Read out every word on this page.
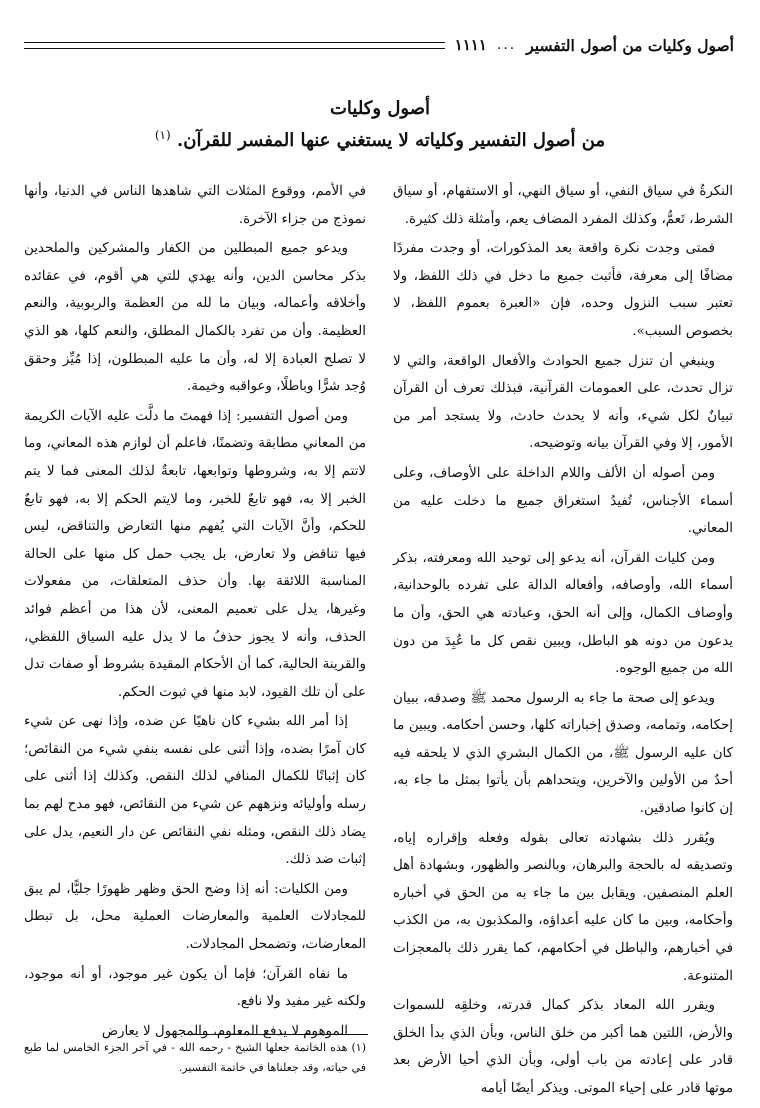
أصول وكليات من أصول التفسير
...
١١١١
أصول وكليات
من أصول التفسير وكلياته لا يستغني عنها المفسر للقرآن. $^{(١)}$

النكرةُ في سياق النفي، أو سياق النهي، أو الاستفهام، أو سياق الشرط، تَعمُّ، وكذلك المفرد المضاف يعم، وأمثلة ذلك كثيرة.

فمتى وجدت نكرة واقعة بعد المذكورات، أو وجدت مفردًا مضافًا إلى معرفة، فأثبت جميع ما دخل في ذلك اللفظ، ولا تعتبر سبب النزول وحده، فإن «العبرة بعموم اللفظ، لا بخصوص السبب».

وينبغي أن تنزل جميع الحوادث والأفعال الواقعة، والتي لا تزال تحدث، على العمومات القرآنية، فبذلك تعرف أن القرآن تبيانٌ لكل شيء، وأنه لا يحدث حادث، ولا يستجد أمر من الأمور، إلا وفي القرآن بيانه وتوضيحه.

ومن أصوله أن الألف واللام الداخلة على الأوصاف، وعلى أسماء الأجناس، تُفيدُ استغراق جميع ما دخلت عليه من المعاني.

ومن كليات القرآن، أنه يدعو إلى توحيد الله ومعرفته، بذكر أسماء الله، وأوصافه، وأفعاله الدالة على تفرده بالوحدانية، وأوصاف الكمال، وإلى أنه الحق، وعبادته هي الحق، وأن ما يدعون من دونه هو الباطل، ويبين نقص كل ما عُبِدَ من دون الله من جميع الوجوه.

ويدعو إلى صحة ما جاء به الرسول محمد ﷺ وصدقه، ببيان إحكامه، وتمامه، وصدق إخباراته كلها، وحسن أحكامه. ويبين ما كان عليه الرسول ﷺ، من الكمال البشري الذي لا يلحقه فيه أحدٌ من الأولين والآخرين، ويتحداهم بأن يأتوا بمثل ما جاء به، إن كانوا صادقين.

ويُقرر ذلك بشهادته تعالى بقوله وفعله وإقراره إياه، وتصديقه له بالحجة والبرهان، وبالنصر والظهور، وبشهادة أهل العلم المنصفين. ويقابل بين ما جاء به من الحق في أخباره وأحكامه، وبين ما كان عليه أعداؤه، والمكذبون به، من الكذب في أخبارهم، والباطل في أحكامهم، كما يقرر ذلك بالمعجزات المتنوعة.

ويقرر الله المعاد بذكر كمال قدرته، وخلقِه للسموات والأرض، اللتين هما أكبر من خلق الناس، وبأن الذي بدأ الخلق قادر على إعادته من باب أولى، وبأن الذي أحيا الأرض بعد موتها قادر على إحياء الموتى. ويذكر أيضًا أيامه

في الأمم، ووقوع المثلات التي شاهدها الناس في الدنيا، وأنها نموذج من جزاء الآخرة.

ويدعو جميع المبطلين من الكفار والمشركين والملحدين بذكر محاسن الدين، وأنه يهدي للتي هي أقوم، في عقائده وأخلاقه وأعماله، وبيان ما لله من العظمة والربوبية، والنعم العظيمة. وأن من تفرد بالكمال المطلق، والنعم كلها، هو الذي لا تصلح العبادة إلا له، وأن ما عليه المبطلون، إذا مُيِّز وحقق وُجد شرًّا وباطلًا، وعواقبه وخيمة.

ومن أصول التفسير: إذا فهمتَ ما دلَّت عليه الآيات الكريمة من المعاني مطابقة وتضمنًا، فاعلم أن لوازم هذه المعاني، وما لاتتم إلا به، وشروطها وتوابعها، تابعةٌ لذلك المعنى فما لا يتم الخبر إلا به، فهو تابعٌ للخبر، وما لايتم الحكم إلا به، فهو تابعٌ للحكم، وأنَّ الآيات التي يُفهم منها التعارض والتناقض، ليس فيها تناقض ولا تعارض، بل يجب حمل كل منها على الحالة المناسبة اللائقة بها. وأن حذف المتعلقات، من مفعولات وغيرها، يدل على تعميم المعنى، لأن هذا من أعظم فوائد الحذف، وأنه لا يجوز حذفُ ما لا يدل عليه السياق اللفظي، والقرينة الحالية، كما أن الأحكام المقيدة بشروط أو صفات تدل على أن تلك القيود، لابد منها في ثبوت الحكم.

إذا أمر الله بشيء كان ناهيًا عن ضده، وإذا نهى عن شيء كان آمرًا بضده، وإذا أثنى على نفسه بنفي شيء من النقائص؛ كان إثباتًا للكمال المنافي لذلك النقص. وكذلك إذا أثنى على رسله وأوليائه ونزههم عن شيء من النقائص، فهو مدح لهم بما يضاد ذلك النقص، ومثله نفي النقائص عن دار النعيم، يدل على إثبات ضد ذلك.

ومن الكليات: أنه إذا وضح الحق وظهر ظهورًا جليًّا، لم يبق للمجادلات العلمية والمعارضات العملية محل، بل تبطل المعارضات، وتضمحل المجادلات.

ما نفاه القرآن؛ فإما أن يكون غير موجود، أو أنه موجود، ولكنه غير مفيد ولا نافع.

الموهوم لا يدفع المعلوم، والمجهول لا يعارض

(١) هذه الخاتمة جعلها الشيخ - رحمه الله - في آخر الجزء الخامس لما طبع في حياته، وقد جعلناها في خاتمة التفسير.
